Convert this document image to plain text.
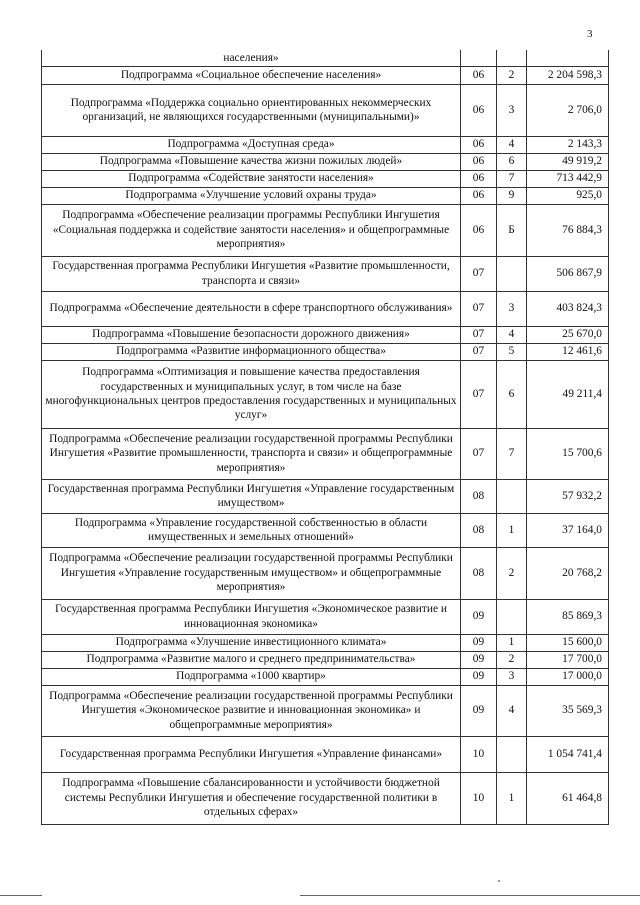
3
населения»			
Подпрограмма «Социальное обеспечение населения»	06	2	2 204 598,3
Подпрограмма «Поддержка социально ориентированных некоммерческих организаций, не являющихся государственными (муниципальными)»	06	3	2 706,0
Подпрограмма «Доступная среда»	06	4	2 143,3
Подпрограмма «Повышение качества жизни пожилых людей»	06	6	49 919,2
Подпрограмма «Содействие занятости населения»	06	7	713 442,9
Подпрограмма «Улучшение условий охраны труда»	06	9	925,0
Подпрограмма «Обеспечение реализации программы Республики Ингушетия «Социальная поддержка и содействие занятости населения» и общепрограммные мероприятия»	06	Б	76 884,3
Государственная программа Республики Ингушетия «Развитие промышленности, транспорта и связи»	07		506 867,9
Подпрограмма «Обеспечение деятельности в сфере транспортного обслуживания»	07	3	403 824,3
Подпрограмма «Повышение безопасности дорожного движения»	07	4	25 670,0
Подпрограмма «Развитие информационного общества»	07	5	12 461,6
Подпрограмма «Оптимизация и повышение качества предоставления государственных и муниципальных услуг, в том числе на базе многофункциональных центров предоставления государственных и муниципальных услуг»	07	6	49 211,4
Подпрограмма «Обеспечение реализации государственной программы Республики Ингушетия «Развитие промышленности, транспорта и связи» и общепрограммные мероприятия»	07	7	15 700,6
Государственная программа Республики Ингушетия «Управление государственным имуществом»	08		57 932,2
Подпрограмма «Управление государственной собственностью в области имущественных и земельных отношений»	08	1	37 164,0
Подпрограмма «Обеспечение реализации государственной программы Республики Ингушетия «Управление государственным имуществом» и общепрограммные мероприятия»	08	2	20 768,2
Государственная программа Республики Ингушетия «Экономическое развитие и инновационная экономика»	09		85 869,3
Подпрограмма «Улучшение инвестиционного климата»	09	1	15 600,0
Подпрограмма «Развитие малого и среднего предпринимательства»	09	2	17 700,0
Подпрограмма «1000 квартир»	09	3	17 000,0
Подпрограмма «Обеспечение реализации государственной программы Республики Ингушетия «Экономическое развитие и инновационная экономика» и общепрограммные мероприятия»	09	4	35 569,3
Государственная программа Республики Ингушетия «Управление финансами»	10		1 054 741,4
Подпрограмма «Повышение сбалансированности и устойчивости бюджетной системы Республики Ингушетия и обеспечение государственной политики в отдельных сферах»	10	1	61 464,8
